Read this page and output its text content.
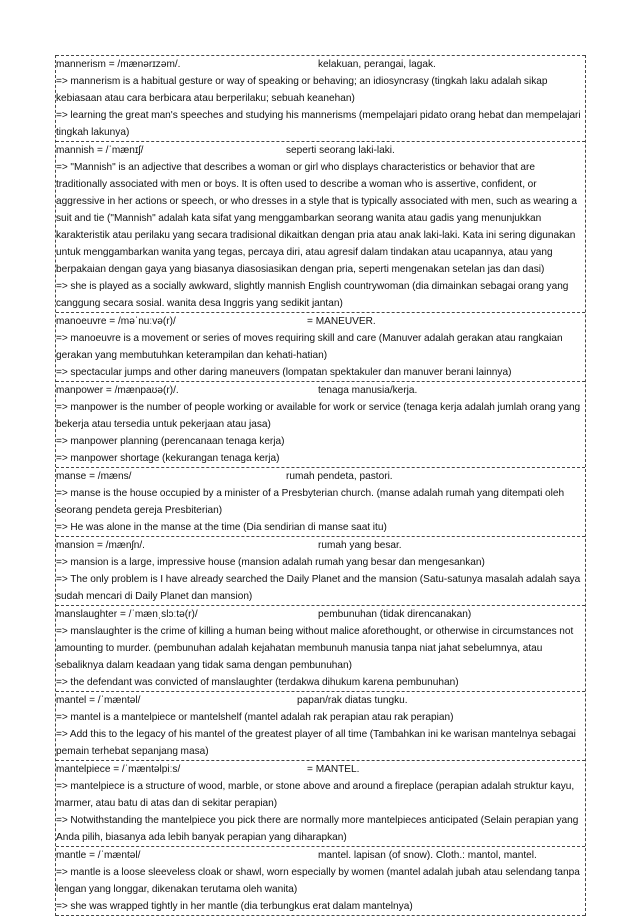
mannerism = /mænərɪzəm/.	kelakuan, perangai, lagak.
=> mannerism is a habitual gesture or way of speaking or behaving; an idiosyncrasy (tingkah laku adalah sikap kebiasaan atau cara berbicara atau berperilaku; sebuah keanehan)
=> learning the great man's speeches and studying his mannerisms (mempelajari pidato orang hebat dan mempelajari tingkah lakunya)
mannish = /ˈmænɪʃ/	seperti seorang laki-laki.
=> "Mannish" is an adjective that describes a woman or girl who displays characteristics or behavior that are traditionally associated with men or boys. It is often used to describe a woman who is assertive, confident, or aggressive in her actions or speech, or who dresses in a style that is typically associated with men, such as wearing a suit and tie ("Mannish" adalah kata sifat yang menggambarkan seorang wanita atau gadis yang menunjukkan karakteristik atau perilaku yang secara tradisional dikaitkan dengan pria atau anak laki-laki. Kata ini sering digunakan untuk menggambarkan wanita yang tegas, percaya diri, atau agresif dalam tindakan atau ucapannya, atau yang berpakaian dengan gaya yang biasanya diasosiasikan dengan pria, seperti mengenakan setelan jas dan dasi)
=> she is played as a socially awkward, slightly mannish English countrywoman (dia dimainkan sebagai orang yang canggung secara sosial. wanita desa Inggris yang sedikit jantan)
manoeuvre = /məˈnuːvə(r)/	= MANEUVER.
=> manoeuvre is a movement or series of moves requiring skill and care (Manuver adalah gerakan atau rangkaian gerakan yang membutuhkan keterampilan dan kehati-hatian)
=> spectacular jumps and other daring maneuvers (lompatan spektakuler dan manuver berani lainnya)
manpower = /mænpaʊə(r)/.	tenaga manusia/kerja.
=> manpower is the number of people working or available for work or service (tenaga kerja adalah jumlah orang yang bekerja atau tersedia untuk pekerjaan atau jasa)
=> manpower planning (perencanaan tenaga kerja)
=> manpower shortage (kekurangan tenaga kerja)
manse = /mæns/	rumah pendeta, pastori.
=> manse is the house occupied by a minister of a Presbyterian church. (manse adalah rumah yang ditempati oleh seorang pendeta gereja Presbiterian)
=> He was alone in the manse at the time (Dia sendirian di manse saat itu)
mansion = /mænʃn/.	rumah yang besar.
=> mansion is a large, impressive house (mansion adalah rumah yang besar dan mengesankan)
=> The only problem is I have already searched the Daily Planet and the mansion (Satu-satunya masalah adalah saya sudah mencari di Daily Planet dan mansion)
manslaughter = /ˈmænˌslɔːtə(r)/	pembunuhan (tidak direncanakan)
=> manslaughter is the crime of killing a human being without malice aforethought, or otherwise in circumstances not amounting to murder. (pembunuhan adalah kejahatan membunuh manusia tanpa niat jahat sebelumnya, atau sebaliknya dalam keadaan yang tidak sama dengan pembunuhan)
=> the defendant was convicted of manslaughter (terdakwa dihukum karena pembunuhan)
mantel = /ˈmæntəl/	papan/rak diatas tungku.
=> mantel is a mantelpiece or mantelshelf (mantel adalah rak perapian atau rak perapian)
=> Add this to the legacy of his mantel of the greatest player of all time (Tambahkan ini ke warisan mantelnya sebagai pemain terhebat sepanjang masa)
mantelpiece = /ˈmæntəlpiːs/	= MANTEL.
=> mantelpiece is a structure of wood, marble, or stone above and around a fireplace (perapian adalah struktur kayu, marmer, atau batu di atas dan di sekitar perapian)
=> Notwithstanding the mantelpiece you pick there are normally more mantelpieces anticipated (Selain perapian yang Anda pilih, biasanya ada lebih banyak perapian yang diharapkan)
mantle = /ˈmæntəl/	mantel. lapisan (of snow). Cloth.: mantol, mantel.
=> mantle is a loose sleeveless cloak or shawl, worn especially by women (mantel adalah jubah atau selendang tanpa lengan yang longgar, dikenakan terutama oleh wanita)
=> she was wrapped tightly in her mantle (dia terbungkus erat dalam mantelnya)
